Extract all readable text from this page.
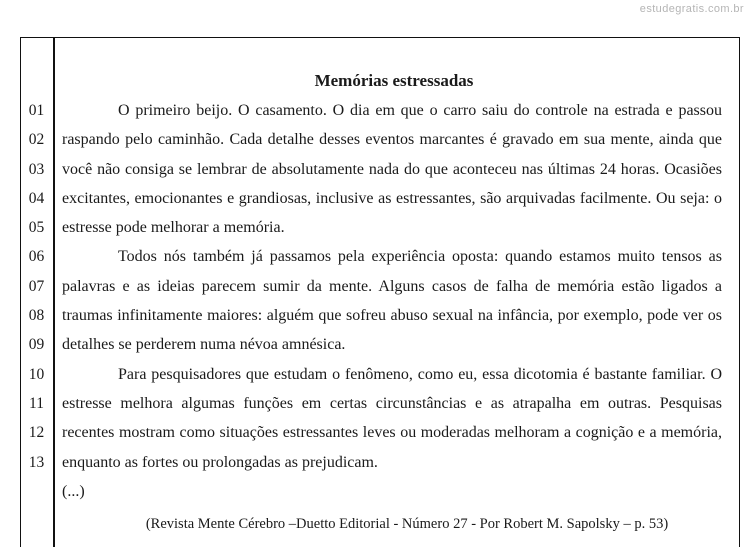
estudegratis.com.br
01
02
03
04
05
06
07
08
09
10
11
12
13
Memórias estressadas

O primeiro beijo. O casamento. O dia em que o carro saiu do controle na estrada e passou raspando pelo caminhão. Cada detalhe desses eventos marcantes é gravado em sua mente, ainda que você não consiga se lembrar de absolutamente nada do que aconteceu nas últimas 24 horas. Ocasiões excitantes, emocionantes e grandiosas, inclusive as estressantes, são arquivadas facilmente. Ou seja: o estresse pode melhorar a memória.

Todos nós também já passamos pela experiência oposta: quando estamos muito tensos as palavras e as ideias parecem sumir da mente. Alguns casos de falha de memória estão ligados a traumas infinitamente maiores: alguém que sofreu abuso sexual na infância, por exemplo, pode ver os detalhes se perderem numa névoa amnésica.

Para pesquisadores que estudam o fenômeno, como eu, essa dicotomia é bastante familiar. O estresse melhora algumas funções em certas circunstâncias e as atrapalha em outras. Pesquisas recentes mostram como situações estressantes leves ou moderadas melhoram a cognição e a memória, enquanto as fortes ou prolongadas as prejudicam.

(...)

(Revista Mente Cérebro –Duetto Editorial - Número 27 - Por Robert M. Sapolsky – p. 53)
